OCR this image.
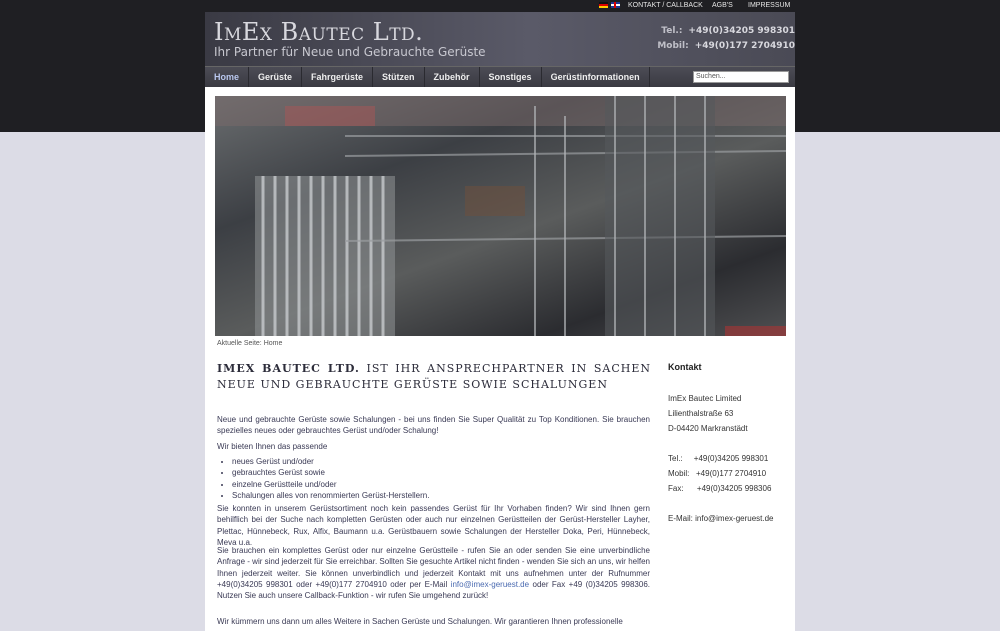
KONTAKT / CALLBACK AGB'S IMPRESSUM
ImEx Bautec Ltd.
Ihr Partner für Neue und Gebrauchte Gerüste
Tel.: +49(0)34205 998301
Mobil: +49(0)177 2704910
Home	Gerüste	Fahrgerüste	Stützen	Zubehör	Sonstiges	Gerüstinformationen	Suchen...
Aktuelle Seite: Home
IMEX BAUTEC LTD. IST IHR ANSPRECHPARTNER IN SACHEN NEUE UND GEBRAUCHTE GERÜSTE SOWIE SCHALUNGEN
Neue und gebrauchte Gerüste sowie Schalungen - bei uns finden Sie Super Qualität zu Top Konditionen. Sie brauchen spezielles neues oder gebrauchtes Gerüst und/oder Schalung!
Wir bieten Ihnen das passende
• neues Gerüst und/oder
• gebrauchtes Gerüst sowie
• einzelne Gerüstteile und/oder
• Schalungen alles von renommierten Gerüst-Herstellern.
Sie konnten in unserem Gerüstsortiment noch kein passendes Gerüst für Ihr Vorhaben finden? Wir sind Ihnen gern behilflich bei der Suche nach kompletten Gerüsten oder auch nur einzelnen Gerüstteilen der Gerüst-Hersteller Layher, Plettac, Hünnebeck, Rux, Alfix, Baumann u.a. Gerüstbauern sowie Schalungen der Hersteller Doka, Peri, Hünnebeck, Meva u.a.
Sie brauchen ein komplettes Gerüst oder nur einzelne Gerüstteile - rufen Sie an oder senden Sie eine unverbindliche Anfrage - wir sind jederzeit für Sie erreichbar. Sollten Sie gesuchte Artikel nicht finden - wenden Sie sich an uns, wir helfen Ihnen jederzeit weiter. Sie können unverbindlich und jederzeit Kontakt mit uns aufnehmen unter der Rufnummer +49(0)34205 998301 oder +49(0)177 2704910 oder per E-Mail info@imex-geruest.de oder Fax +49 (0)34205 998306. Nutzen Sie auch unsere Callback-Funktion - wir rufen Sie umgehend zurück!
Wir kümmern uns dann um alles Weitere in Sachen Gerüste und Schalungen. Wir garantieren Ihnen professionelle
Kontakt
ImEx Bautec Limited
Lilienthalstraße 63
D-04420 Markranstädt
Tel.:     +49(0)34205 998301
Mobil:   +49(0)177 2704910
Fax:      +49(0)34205 998306
E-Mail: info@imex-geruest.de
